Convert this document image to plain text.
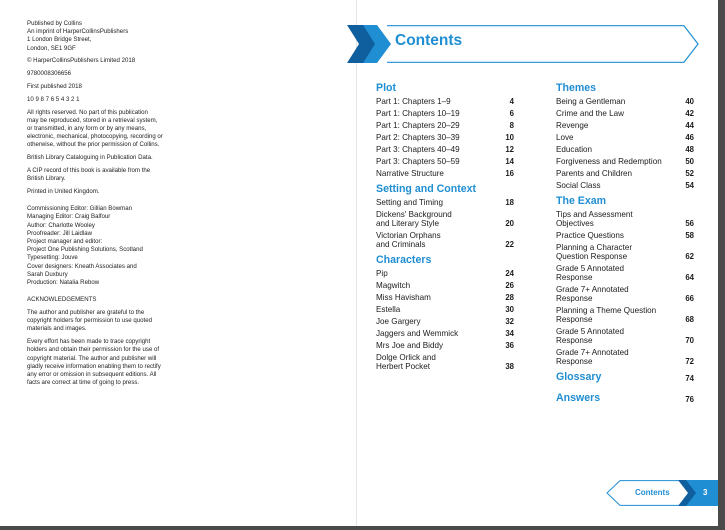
Published by Collins
An imprint of HarperCollinsPublishers
1 London Bridge Street,
London, SE1 9GF

© HarperCollinsPublishers Limited 2018

9780008306656

First published 2018

10 9 8 7 6 5 4 3 2 1

All rights reserved. No part of this publication
may be reproduced, stored in a retrieval system,
or transmitted, in any form or by any means,
electronic, mechanical, photocopying, recording or
otherwise, without the prior permission of Collins.

British Library Cataloguing in Publication Data.

A CIP record of this book is available from the
British Library.

Printed in United Kingdom.

Commissioning Editor: Gillian Bowman
Managing Editor: Craig Balfour
Author: Charlotte Wooley
Proofreader: Jill Laidlaw
Project manager and editor:
Project One Publishing Solutions, Scotland
Typesetting: Jouve
Cover designers: Kneath Associates and
Sarah Duxbury
Production: Natalia Rebow

ACKNOWLEDGEMENTS

The author and publisher are grateful to the
copyright holders for permission to use quoted
materials and images.

Every effort has been made to trace copyright
holders and obtain their permission for the use of
copyright material. The author and publisher will
gladly receive information enabling them to rectify
any error or omission in subsequent editions. All
facts are correct at time of going to press.

Contents
Plot
Part 1: Chapters 1–9	4
Part 1: Chapters 10–19	6
Part 1: Chapters 20–29	8
Part 2: Chapters 30–39	10
Part 3: Chapters 40–49	12
Part 3: Chapters 50–59	14
Narrative Structure	16
Setting and Context
Setting and Timing	18
Dickens' Background
and Literary Style	20
Victorian Orphans
and Criminals	22
Characters
Pip	24
Magwitch	26
Miss Havisham	28
Estella	30
Joe Gargery	32
Jaggers and Wemmick	34
Mrs Joe and Biddy	36
Dolge Orlick and
Herbert Pocket	38
Themes
Being a Gentleman	40
Crime and the Law	42
Revenge	44
Love	46
Education	48
Forgiveness and Redemption	50
Parents and Children	52
Social Class	54
The Exam
Tips and Assessment
Objectives	56
Practice Questions	58
Planning a Character
Question Response	62
Grade 5 Annotated
Response	64
Grade 7+ Annotated
Response	66
Planning a Theme Question
Response	68
Grade 5 Annotated
Response	70
Grade 7+ Annotated
Response	72
Glossary	74
Answers	76
Contents	3
